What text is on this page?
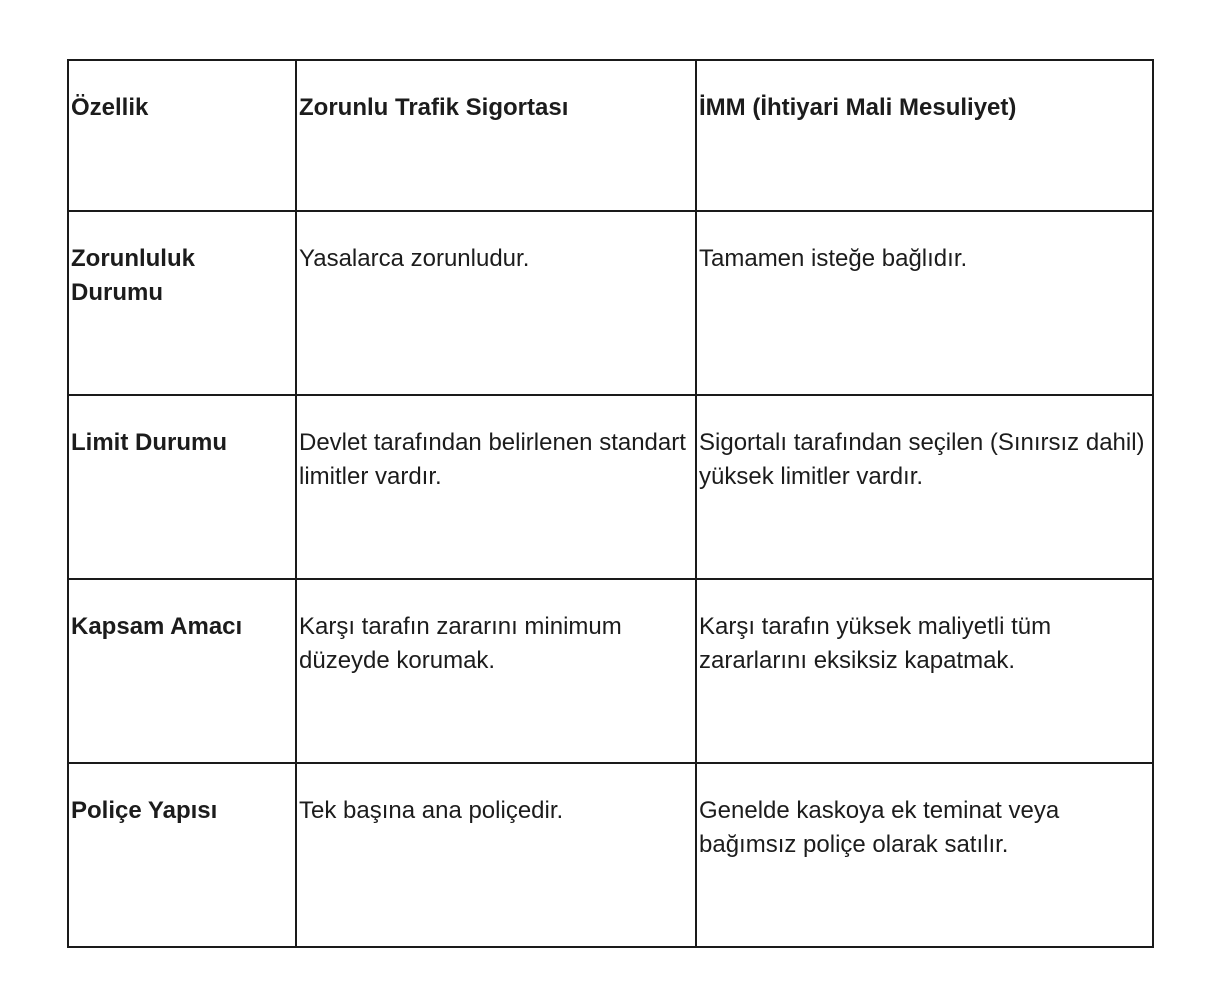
Özellik	Zorunlu Trafik Sigortası	İMM (İhtiyari Mali Mesuliyet)
Zorunluluk Durumu	Yasalarca zorunludur.	Tamamen isteğe bağlıdır.
Limit Durumu	Devlet tarafından belirlenen standart limitler vardır.	Sigortalı tarafından seçilen (Sınırsız dahil) yüksek limitler vardır.
Kapsam Amacı	Karşı tarafın zararını minimum düzeyde korumak.	Karşı tarafın yüksek maliyetli tüm zararlarını eksiksiz kapatmak.
Poliçe Yapısı	Tek başına ana poliçedir.	Genelde kaskoya ek teminat veya bağımsız poliçe olarak satılır.
